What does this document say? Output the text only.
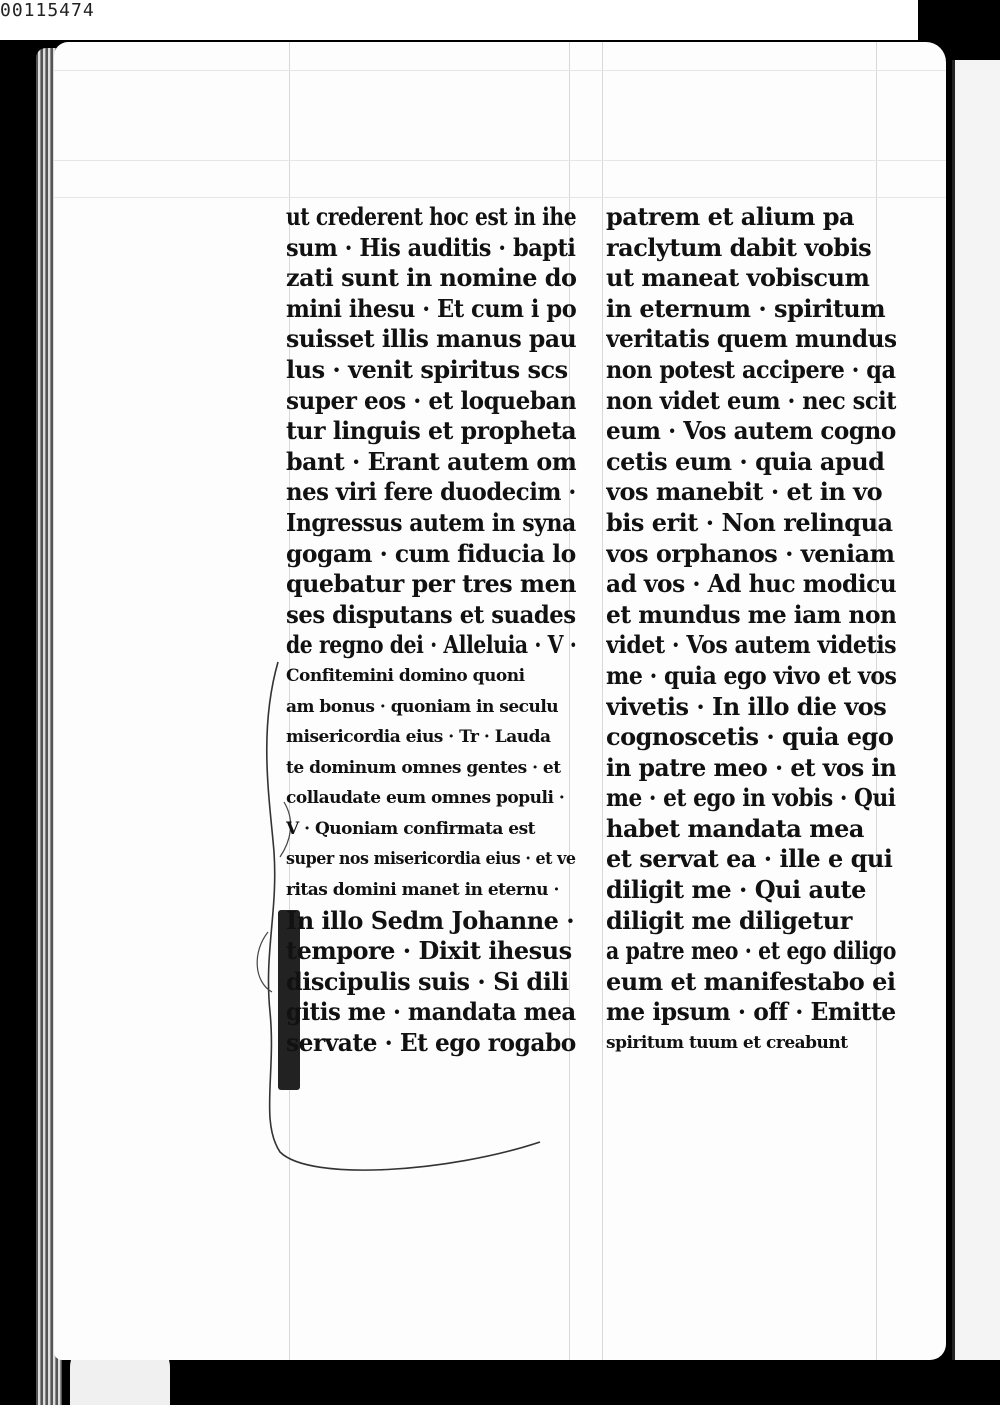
00115474
ut crederent hoc est in ihe
sum · His auditis · bapti
zati sunt in nomine do
mini ihesu · Et cum i po
suisset illis manus pau
lus · venit spiritus scs
super eos · et loqueban
tur linguis et propheta
bant · Erant autem om
nes viri fere duodecim ·
Ingressus autem in syna
gogam · cum fiducia lo
quebatur per tres men
ses disputans et suades
de regno dei · Alleluia · V ·
Confitemini domino quoni
am bonus · quoniam in seculu
misericordia eius · Tr · Lauda
te dominum omnes gentes · et
collaudate eum omnes populi ·
V · Quoniam confirmata est
super nos misericordia eius · et ve
ritas domini manet in eternu ·
In illo Sedm Johanne ·
tempore · Dixit ihesus
discipulis suis · Si dili
gitis me · mandata mea
servate · Et ego rogabo
patrem et alium pa
raclytum dabit vobis
ut maneat vobiscum
in eternum · spiritum
veritatis quem mundus
non potest accipere · qa
non videt eum · nec scit
eum · Vos autem cogno
cetis eum · quia apud
vos manebit · et in vo
bis erit · Non relinqua
vos orphanos · veniam
ad vos · Ad huc modicu
et mundus me iam non
videt · Vos autem videtis
me · quia ego vivo et vos
vivetis · In illo die vos
cognoscetis · quia ego
in patre meo · et vos in
me · et ego in vobis · Qui
habet mandata mea
et servat ea · ille e qui
diligit me · Qui aute
diligit me diligetur
a patre meo · et ego diligo
eum et manifestabo ei
me ipsum · off · Emitte
spiritum tuum et creabunt
